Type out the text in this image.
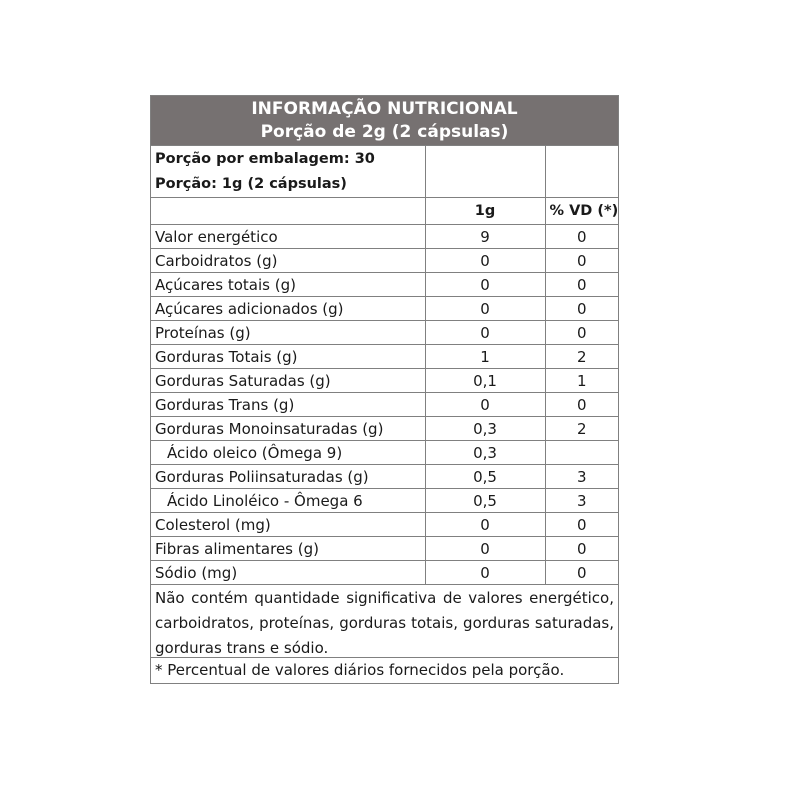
INFORMAÇÃO NUTRICIONAL
Porção de 2g (2 cápsulas)
Porção por embalagem: 30
Porção: 1g (2 cápsulas)		

	1g	% VD (*)
Valor energético	9	0
Carboidratos (g)	0	0
Açúcares totais (g)	0	0
Açúcares adicionados (g)	0	0
Proteínas (g)	0	0
Gorduras Totais (g)	1	2
Gorduras Saturadas (g)	0,1	1
Gorduras Trans (g)	0	0
Gorduras Monoinsaturadas (g)	0,3	2
Ácido oleico (Ômega 9)	0,3	
Gorduras Poliinsaturadas (g)	0,5	3
Ácido Linoléico - Ômega 6	0,5	3
Colesterol (mg)	0	0
Fibras alimentares (g)	0	0
Sódio (mg)	0	0
Não contém quantidade significativa de valores energético, carboidratos, proteínas, gorduras totais, gorduras saturadas, gorduras trans e sódio.
* Percentual de valores diários fornecidos pela porção.
